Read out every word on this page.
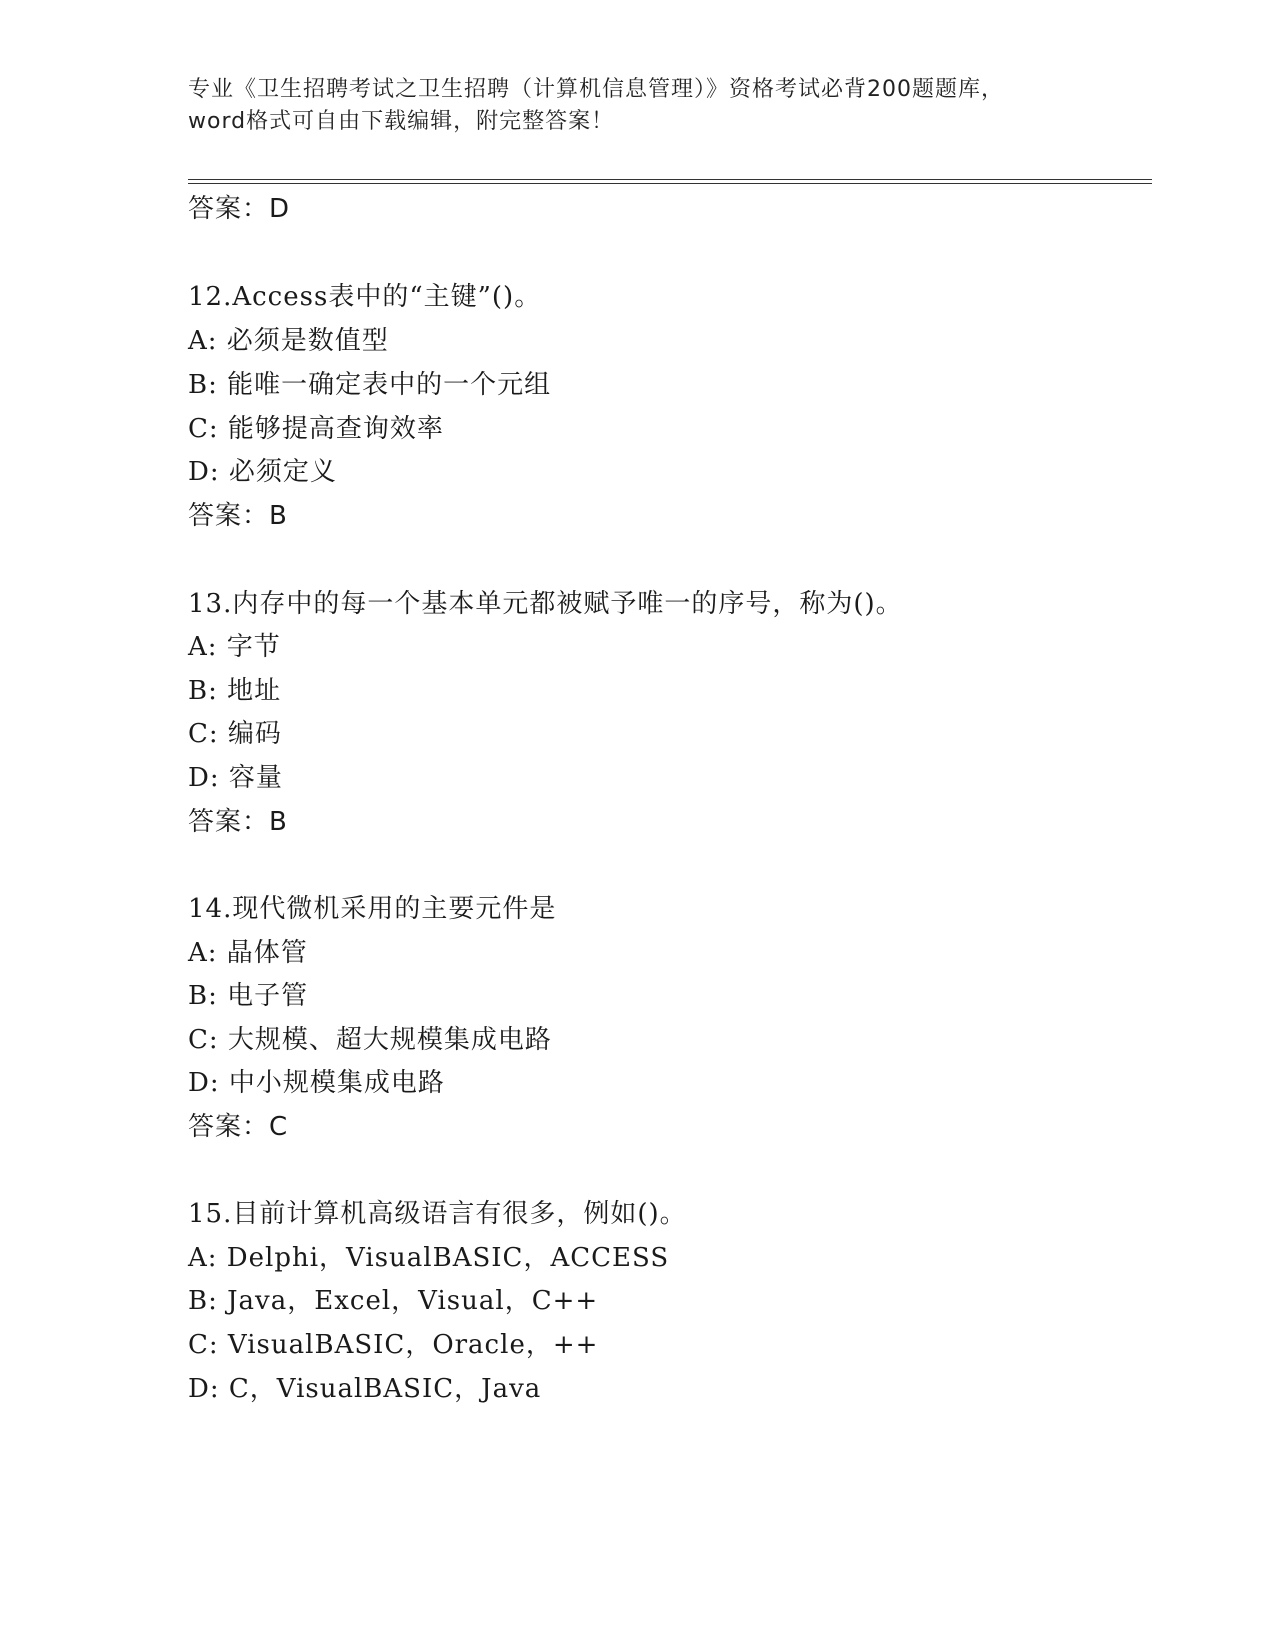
专业《卫生招聘考试之卫生招聘（计算机信息管理）》资格考试必背200题题库，
word格式可自由下载编辑，附完整答案！
答案：D
12.Access表中的“主键”()。
A: 必须是数值型
B: 能唯一确定表中的一个元组
C: 能够提高查询效率
D: 必须定义
答案：B
13.内存中的每一个基本单元都被赋予唯一的序号，称为()。
A: 字节
B: 地址
C: 编码
D: 容量
答案：B
14.现代微机采用的主要元件是
A: 晶体管
B: 电子管
C: 大规模、超大规模集成电路
D: 中小规模集成电路
答案：C
15.目前计算机高级语言有很多，例如()。
A: Delphi，VisualBASIC，ACCESS
B: Java，Excel，Visual，C++
C: VisualBASIC，Oracle，++
D: C，VisualBASIC，Java
